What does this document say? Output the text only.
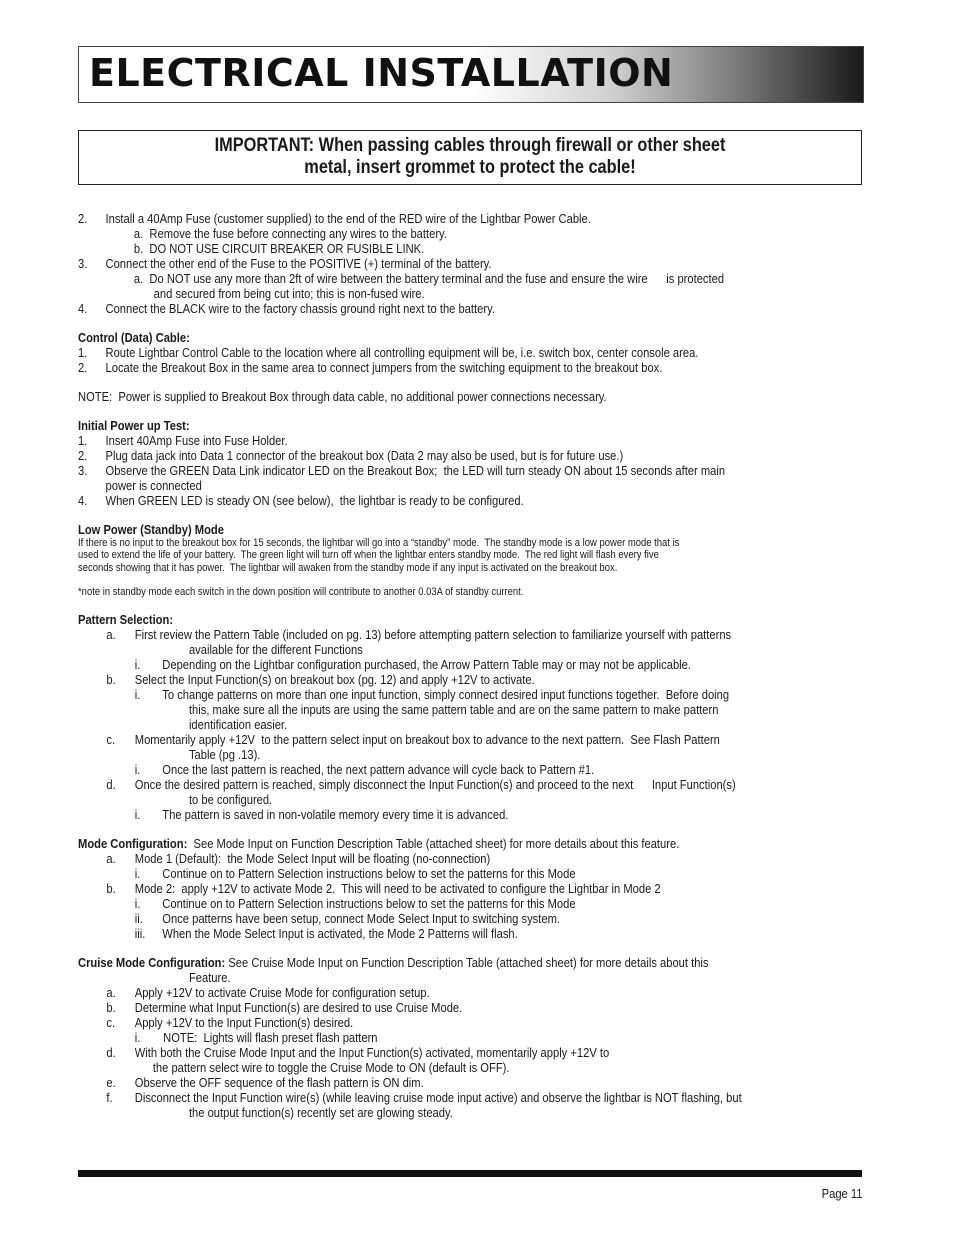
ELECTRICAL INSTALLATION
IMPORTANT: When passing cables through firewall or other sheet
metal, insert grommet to protect the cable!
2. Install a 40Amp Fuse (customer supplied) to the end of the RED wire of the Lightbar Power Cable.
a.  Remove the fuse before connecting any wires to the battery.
b.  DO NOT USE CIRCUIT BREAKER OR FUSIBLE LINK.
3. Connect the other end of the Fuse to the POSITIVE (+) terminal of the battery.
a.  Do NOT use any more than 2ft of wire between the battery terminal and the fuse and ensure the wire      is protected
and secured from being cut into; this is non-fused wire.
4. Connect the BLACK wire to the factory chassis ground right next to the battery.
Control (Data) Cable:
1. Route Lightbar Control Cable to the location where all controlling equipment will be, i.e. switch box, center console area.
2. Locate the Breakout Box in the same area to connect jumpers from the switching equipment to the breakout box.
NOTE:  Power is supplied to Breakout Box through data cable, no additional power connections necessary.
Initial Power up Test:
1. Insert 40Amp Fuse into Fuse Holder.
2. Plug data jack into Data 1 connector of the breakout box (Data 2 may also be used, but is for future use.)
3. Observe the GREEN Data Link indicator LED on the Breakout Box;  the LED will turn steady ON about 15 seconds after main
power is connected
4. When GREEN LED is steady ON (see below),  the lightbar is ready to be configured.
Low Power (Standby) Mode
If there is no input to the breakout box for 15 seconds, the lightbar will go into a “standby” mode.  The standby mode is a low power mode that is
used to extend the life of your battery.  The green light will turn off when the lightbar enters standby mode.  The red light will flash every five
seconds showing that it has power.  The lightbar will awaken from the standby mode if any input is activated on the breakout box.
*note in standby mode each switch in the down position will contribute to another 0.03A of standby current.
Pattern Selection:
a. First review the Pattern Table (included on pg. 13) before attempting pattern selection to familiarize yourself with patterns
available for the different Functions
i. Depending on the Lightbar configuration purchased, the Arrow Pattern Table may or may not be applicable.
b. Select the Input Function(s) on breakout box (pg. 12) and apply +12V to activate.
i. To change patterns on more than one input function, simply connect desired input functions together.  Before doing
this, make sure all the inputs are using the same pattern table and are on the same pattern to make pattern
identification easier.
c. Momentarily apply +12V  to the pattern select input on breakout box to advance to the next pattern.  See Flash Pattern
Table (pg .13).
i. Once the last pattern is reached, the next pattern advance will cycle back to Pattern #1.
d. Once the desired pattern is reached, simply disconnect the Input Function(s) and proceed to the next      Input Function(s)
to be configured.
i. The pattern is saved in non-volatile memory every time it is advanced.
Mode Configuration:  See Mode Input on Function Description Table (attached sheet) for more details about this feature.
a. Mode 1 (Default):  the Mode Select Input will be floating (no-connection)
i. Continue on to Pattern Selection instructions below to set the patterns for this Mode
b. Mode 2:  apply +12V to activate Mode 2.  This will need to be activated to configure the Lightbar in Mode 2
i. Continue on to Pattern Selection instructions below to set the patterns for this Mode
ii. Once patterns have been setup, connect Mode Select Input to switching system.
iii. When the Mode Select Input is activated, the Mode 2 Patterns will flash.
Cruise Mode Configuration: See Cruise Mode Input on Function Description Table (attached sheet) for more details about this
Feature.
a. Apply +12V to activate Cruise Mode for configuration setup.
b. Determine what Input Function(s) are desired to use Cruise Mode.
c. Apply +12V to the Input Function(s) desired.
i. NOTE:  Lights will flash preset flash pattern
d. With both the Cruise Mode Input and the Input Function(s) activated, momentarily apply +12V to
the pattern select wire to toggle the Cruise Mode to ON (default is OFF).
e. Observe the OFF sequence of the flash pattern is ON dim.
f. Disconnect the Input Function wire(s) (while leaving cruise mode input active) and observe the lightbar is NOT flashing, but
the output function(s) recently set are glowing steady.
Page 11
